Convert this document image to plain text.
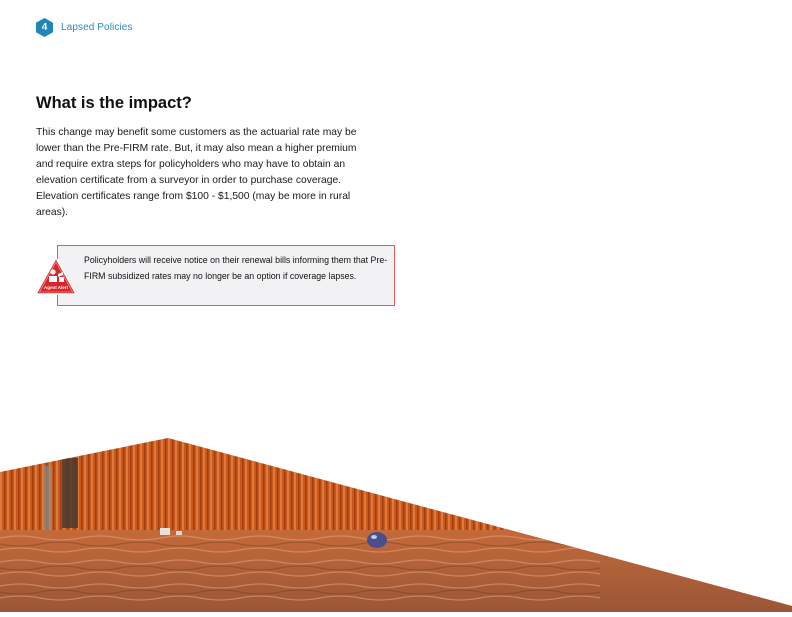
4	Lapsed Policies
What is the impact?

This change may benefit some customers as the actuarial rate may be lower than the Pre-FIRM rate. But, it may also mean a higher premium and require extra steps for policyholders who may have to obtain an elevation certificate from a surveyor in order to purchase coverage. Elevation certificates range from $100 - $1,500 (may be more in rural areas).

Policyholders will receive notice on their renewal bills informing them that Pre-FIRM subsidized rates may no longer be an option if coverage lapses.

Agent Alert
